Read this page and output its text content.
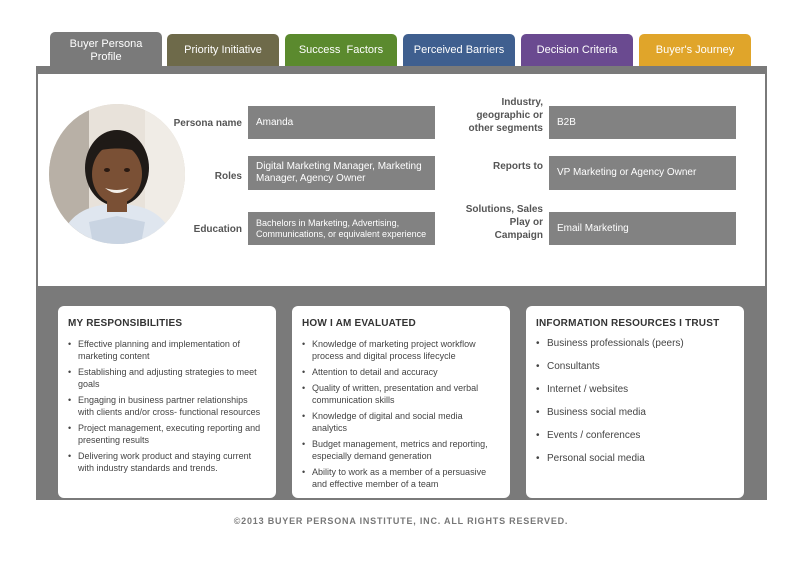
Buyer Persona Profile
Priority Initiative	Success  Factors	Perceived Barriers	Decision Criteria	Buyer's Journey
Persona name	Amanda
Roles
Digital Marketing Manager, Marketing Manager, Agency Owner
Education
Bachelors in Marketing, Advertising, Communications, or equivalent experience
Industry, geographic or other segments
B2B
Reports to
VP Marketing or Agency Owner
Solutions, Sales Play or Campaign
Email Marketing
MY RESPONSIBILITIES
• Effective planning and implementation of marketing content
• Establishing and adjusting strategies to meet goals
• Engaging in business partner relationships with clients and/or cross- functional resources
• Project management, executing reporting and presenting results
• Delivering work product and staying current with industry standards and trends.
HOW I AM EVALUATED
• Knowledge of marketing project workflow process and digital process lifecycle
• Attention to detail and accuracy
• Quality of written, presentation and verbal communication skills
• Knowledge of digital and social media analytics
• Budget management, metrics and reporting, especially demand generation
• Ability to work as a member of a persuasive and effective member of a team
INFORMATION RESOURCES I TRUST
• Business professionals (peers)
• Consultants
• Internet / websites
• Business social media
• Events / conferences
• Personal social media
©2013 BUYER PERSONA INSTITUTE, INC. ALL RIGHTS RESERVED.
